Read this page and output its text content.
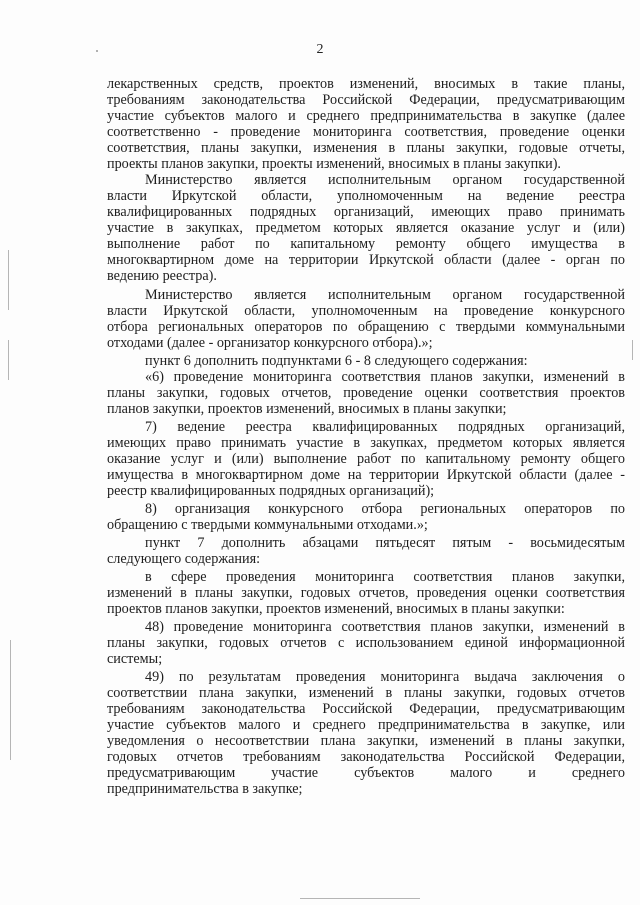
2
лекарственных средств, проектов изменений, вносимых в такие планы,
требованиям законодательства Российской Федерации, предусматривающим
участие субъектов малого и среднего предпринимательства в закупке (далее
соответственно - проведение мониторинга соответствия, проведение оценки
соответствия, планы закупки, изменения в планы закупки, годовые отчеты,
проекты планов закупки, проекты изменений, вносимых в планы закупки).
Министерство является исполнительным органом государственной
власти Иркутской области, уполномоченным на ведение реестра
квалифицированных подрядных организаций, имеющих право принимать
участие в закупках, предметом которых является оказание услуг и (или)
выполнение работ по капитальному ремонту общего имущества в
многоквартирном доме на территории Иркутской области (далее - орган по
ведению реестра).
Министерство является исполнительным органом государственной
власти Иркутской области, уполномоченным на проведение конкурсного
отбора региональных операторов по обращению с твердыми коммунальными
отходами (далее - организатор конкурсного отбора).»;
пункт 6 дополнить подпунктами 6 - 8 следующего содержания:
«6) проведение мониторинга соответствия планов закупки, изменений в
планы закупки, годовых отчетов, проведение оценки соответствия проектов
планов закупки, проектов изменений, вносимых в планы закупки;
7) ведение реестра квалифицированных подрядных организаций,
имеющих право принимать участие в закупках, предметом которых является
оказание услуг и (или) выполнение работ по капитальному ремонту общего
имущества в многоквартирном доме на территории Иркутской области (далее -
реестр квалифицированных подрядных организаций);
8) организация конкурсного отбора региональных операторов по
обращению с твердыми коммунальными отходами.»;
пункт 7 дополнить абзацами пятьдесят пятым - восьмидесятым
следующего содержания:
в сфере проведения мониторинга соответствия планов закупки,
изменений в планы закупки, годовых отчетов, проведения оценки соответствия
проектов планов закупки, проектов изменений, вносимых в планы закупки:
48) проведение мониторинга соответствия планов закупки, изменений в
планы закупки, годовых отчетов с использованием единой информационной
системы;
49) по результатам проведения мониторинга выдача заключения о
соответствии плана закупки, изменений в планы закупки, годовых отчетов
требованиям законодательства Российской Федерации, предусматривающим
участие субъектов малого и среднего предпринимательства в закупке, или
уведомления о несоответствии плана закупки, изменений в планы закупки,
годовых отчетов требованиям законодательства Российской Федерации,
предусматривающим участие субъектов малого и среднего
предпринимательства в закупке;
